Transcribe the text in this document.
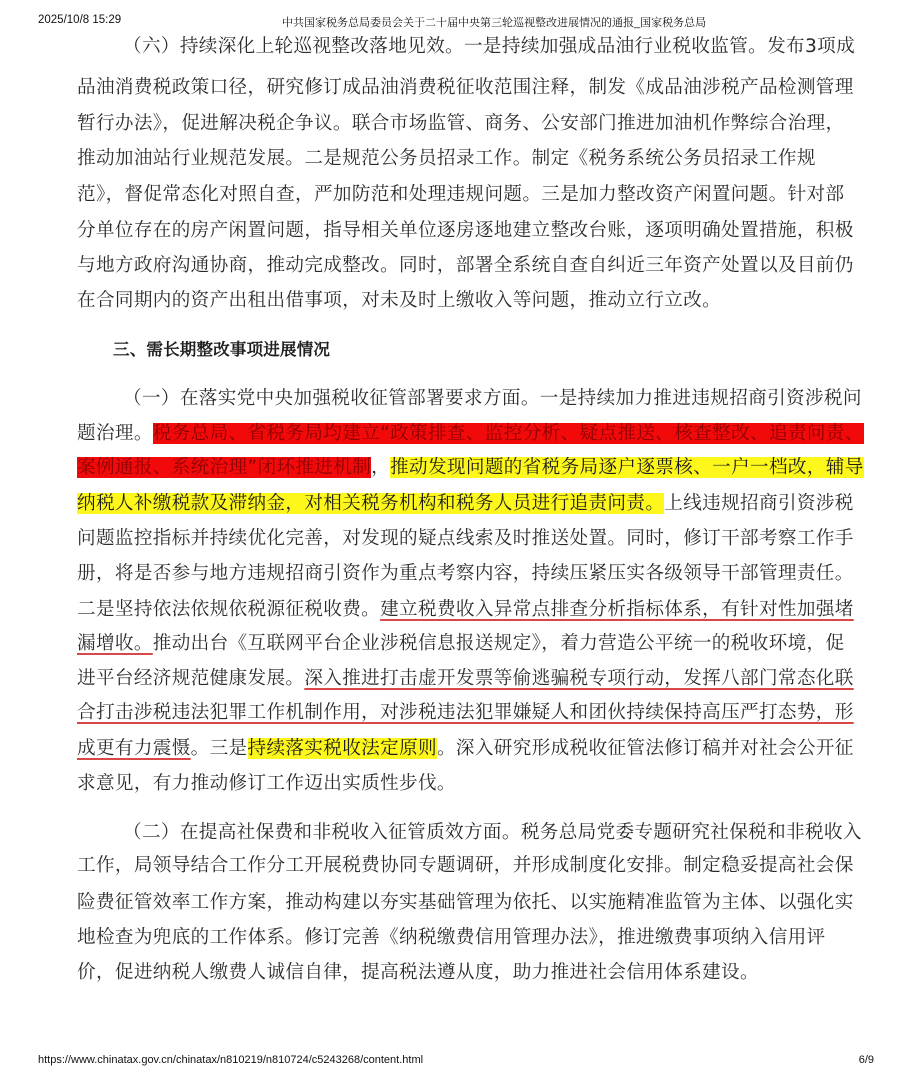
2025/10/8 15:29	中共国家税务总局委员会关于二十届中央第三轮巡视整改进展情况的通报_国家税务总局
（六）持续深化上轮巡视整改落地见效。一是持续加强成品油行业税收监管。发布3项成
品油消费税政策口径，研究修订成品油消费税征收范围注释，制发《成品油涉税产品检测管理
暂行办法》，促进解决税企争议。联合市场监管、商务、公安部门推进加油机作弊综合治理，
推动加油站行业规范发展。二是规范公务员招录工作。制定《税务系统公务员招录工作规
范》，督促常态化对照自查，严加防范和处理违规问题。三是加力整改资产闲置问题。针对部
分单位存在的房产闲置问题，指导相关单位逐房逐地建立整改台账，逐项明确处置措施，积极
与地方政府沟通协商，推动完成整改。同时，部署全系统自查自纠近三年资产处置以及目前仍
在合同期内的资产出租出借事项，对未及时上缴收入等问题，推动立行立改。
三、需长期整改事项进展情况
（一）在落实党中央加强税收征管部署要求方面。一是持续加力推进违规招商引资涉税问
题治理。税务总局、省税务局均建立“政策排查、监控分析、疑点推送、核查整改、追责问责、
案例通报、系统治理”闭环推进机制，推动发现问题的省税务局逐户逐票核、一户一档改，辅导
纳税人补缴税款及滞纳金，对相关税务机构和税务人员进行追责问责。上线违规招商引资涉税
问题监控指标并持续优化完善，对发现的疑点线索及时推送处置。同时，修订干部考察工作手
册，将是否参与地方违规招商引资作为重点考察内容，持续压紧压实各级领导干部管理责任。
二是坚持依法依规依税源征税收费。建立税费收入异常点排查分析指标体系，有针对性加强堵
漏增收。推动出台《互联网平台企业涉税信息报送规定》，着力营造公平统一的税收环境，促
进平台经济规范健康发展。深入推进打击虚开发票等偷逃骗税专项行动，发挥八部门常态化联
合打击涉税违法犯罪工作机制作用，对涉税违法犯罪嫌疑人和团伙持续保持高压严打态势，形
成更有力震慑。三是持续落实税收法定原则。深入研究形成税收征管法修订稿并对社会公开征
求意见，有力推动修订工作迈出实质性步伐。
（二）在提高社保费和非税收入征管质效方面。税务总局党委专题研究社保税和非税收入
工作，局领导结合工作分工开展税费协同专题调研，并形成制度化安排。制定稳妥提高社会保
险费征管效率工作方案，推动构建以夯实基础管理为依托、以实施精准监管为主体、以强化实
地检查为兜底的工作体系。修订完善《纳税缴费信用管理办法》，推进缴费事项纳入信用评
价，促进纳税人缴费人诚信自律，提高税法遵从度，助力推进社会信用体系建设。
https://www.chinatax.gov.cn/chinatax/n810219/n810724/c5243268/content.html	6/9
